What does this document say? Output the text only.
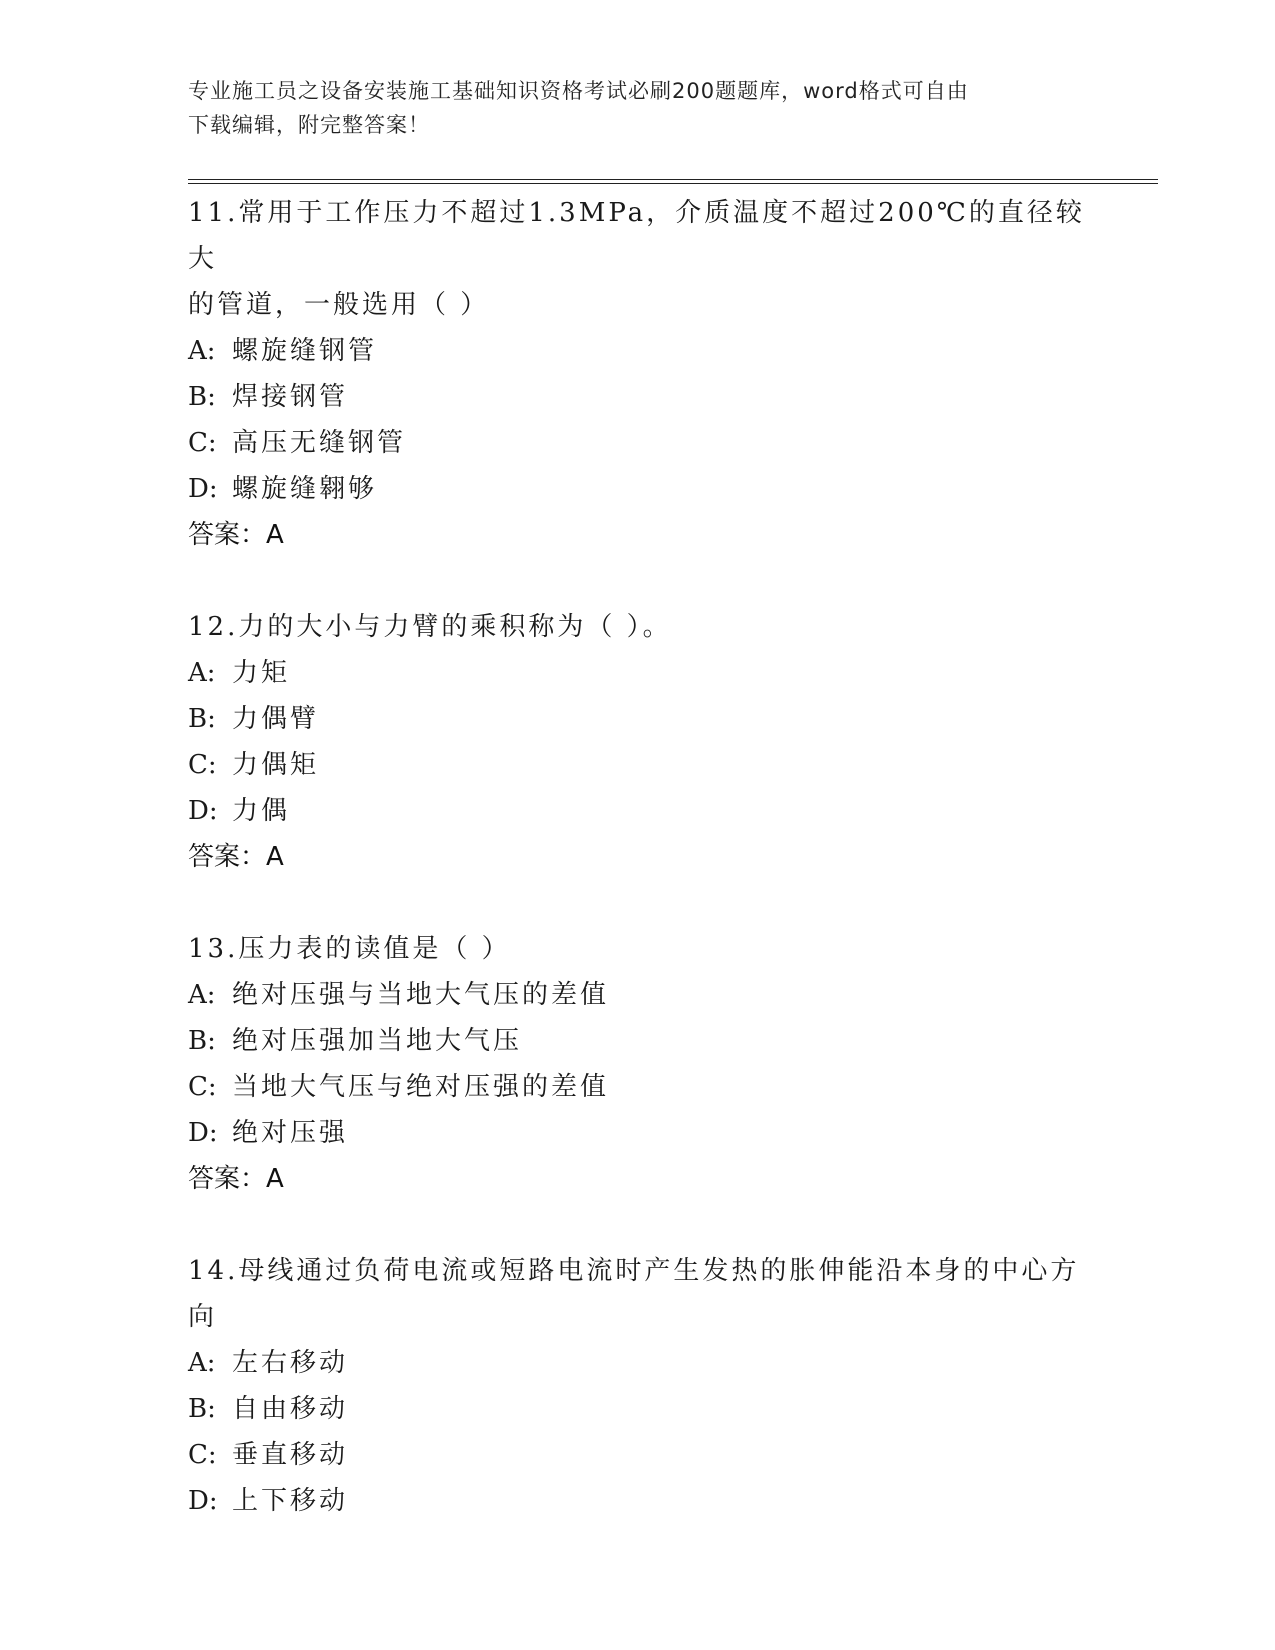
专业施工员之设备安装施工基础知识资格考试必刷200题题库，word格式可自由
下载编辑，附完整答案！
11.常用于工作压力不超过1.3MPa，介质温度不超过200℃的直径较大
的管道，一般选用（ ）
A: 螺旋缝钢管
B: 焊接钢管
C: 高压无缝钢管
D: 螺旋缝翱够
答案：A
12.力的大小与力臂的乘积称为（ ）。
A: 力矩
B: 力偶臂
C: 力偶矩
D: 力偶
答案：A
13.压力表的读值是（ ）
A: 绝对压强与当地大气压的差值
B: 绝对压强加当地大气压
C: 当地大气压与绝对压强的差值
D: 绝对压强
答案：A
14.母线通过负荷电流或短路电流时产生发热的胀伸能沿本身的中心方
向
A: 左右移动
B: 自由移动
C: 垂直移动
D: 上下移动
